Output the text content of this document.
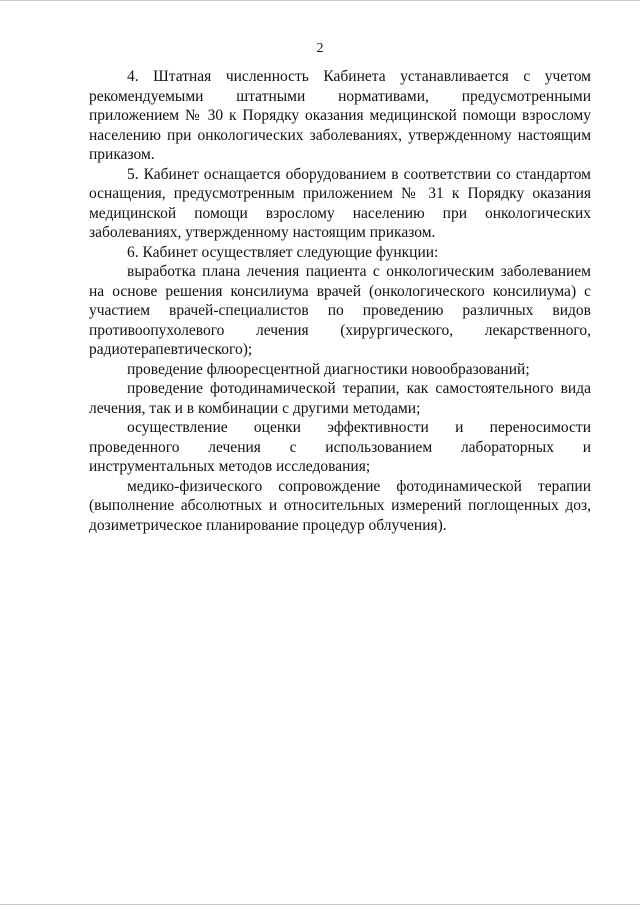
2

4. Штатная численность Кабинета устанавливается с учетом рекомендуемыми штатными нормативами, предусмотренными приложением № 30 к Порядку оказания медицинской помощи взрослому населению при онкологических заболеваниях, утвержденному настоящим приказом.

5. Кабинет оснащается оборудованием в соответствии со стандартом оснащения, предусмотренным приложением № 31 к Порядку оказания медицинской помощи взрослому населению при онкологических заболеваниях, утвержденному настоящим приказом.

6. Кабинет осуществляет следующие функции:

выработка плана лечения пациента с онкологическим заболеванием на основе решения консилиума врачей (онкологического консилиума) с участием врачей-специалистов по проведению различных видов противоопухолевого лечения (хирургического, лекарственного, радиотерапевтического);

проведение флюоресцентной диагностики новообразований;

проведение фотодинамической терапии, как самостоятельного вида лечения, так и в комбинации с другими методами;

осуществление оценки эффективности и переносимости проведенного лечения с использованием лабораторных и инструментальных методов исследования;

медико-физического сопровождение фотодинамической терапии (выполнение абсолютных и относительных измерений поглощенных доз, дозиметрическое планирование процедур облучения).
